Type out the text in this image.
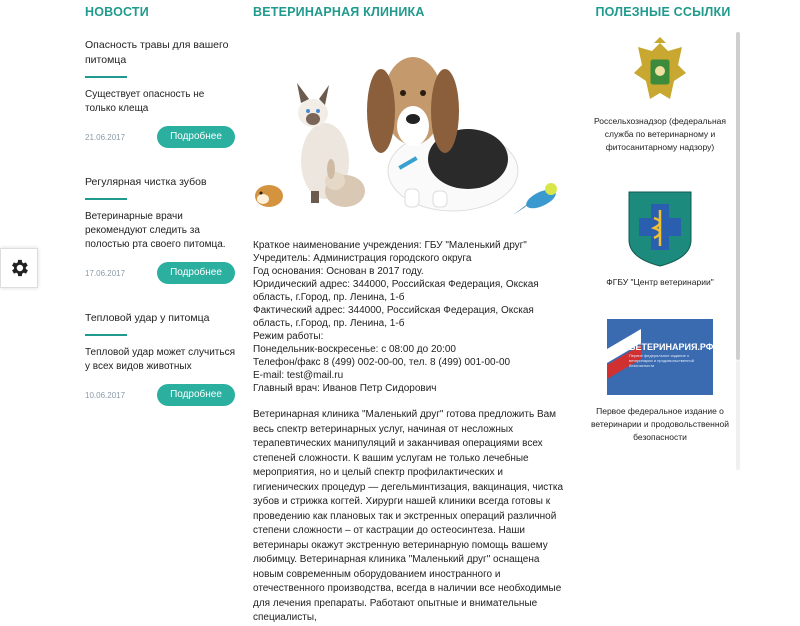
НОВОСТИ
Опасность травы для вашего питомца
Существует опасность не только клеща
21.06.2017	Подробнее
Регулярная чистка зубов
Ветеринарные врачи рекомендуют следить за полостью рта своего питомца.
17.06.2017	Подробнее
Тепловой удар у питомца
Тепловой удар может случиться у всех видов животных
10.06.2017	Подробнее
ВЕТЕРИНАРНАЯ КЛИНИКА
Краткое наименование учреждения: ГБУ "Маленький друг"
Учредитель: Администрация городского округа
Год основания: Основан в 2017 году.
Юридический адрес: 344000, Российская Федерация, Окская область, г.Город, пр. Ленина, 1-б
Фактический адрес: 344000, Российская Федерация, Окская область, г.Город, пр. Ленина, 1-б
Режим работы:
Понедельник-воскресенье: с 08:00 до 20:00
Телефон/факс 8 (499) 002-00-00, тел. 8 (499) 001-00-00
E-mail: test@mail.ru
Главный врач: Иванов Петр Сидорович
Ветеринарная клиника "Маленький друг" готова предложить Вам весь спектр ветеринарных услуг, начиная от несложных терапевтических манипуляций и заканчивая операциями всех степеней сложности. К вашим услугам не только лечебные мероприятия, но и целый спектр профилактических и гигиенических процедур — дегельминтизация, вакцинация, чистка зубов и стрижка когтей. Хирурги нашей клиники всегда готовы к проведению как плановых так и экстренных операций различной степени сложности – от кастрации до остеосинтеза. Наши ветеринары окажут экстренную ветеринарную помощь вашему любимцу. Ветеринарная клиника "Маленький друг" оснащена новым современным оборудованием иностранного и отечественного производства, всегда в наличии все необходимые для лечения препараты. Работают опытные и внимательные специалисты,
ПОЛЕЗНЫЕ ССЫЛКИ
Россельхознадзор (федеральная служба по ветеринарному и фитосанитарному надзору)
ФГБУ "Центр ветеринарии"
ВЕТЕРИНАРИЯ.РФ
Первое федеральное издание о ветеринарии и продовольственной безопасности
Первое федеральное издание о ветеринарии и продовольственной безопасности
